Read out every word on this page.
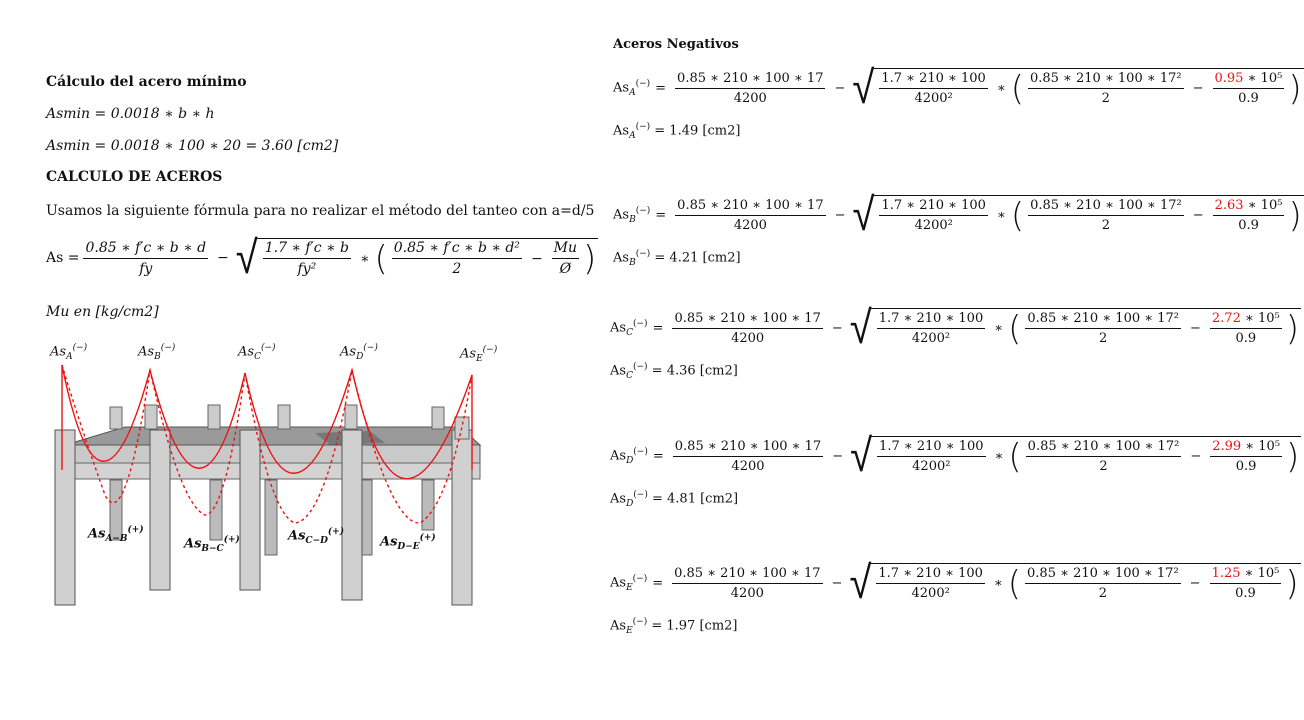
Cálculo del acero mínimo
Asmin = 0.0018 ∗ b ∗ h
Asmin = 0.0018 ∗ 100 ∗ 20 = 3.60 [cm2]
CALCULO DE ACEROS
Usamos la siguiente fórmula para no realizar el método del tanteo con a=d/5
$As = \frac{0.85 ∗ f'c ∗ b ∗ d}{fy}$ − √ $\frac{1.7 ∗ f'c ∗ b}{\text{fy²}}$ ∗ ( $\frac{\text{0.85 ∗ f′c ∗ b ∗ d²}}{2} - \frac{Mu}{Ø}$ )
Mu en [kg/cm2]
$As_A^{(-)}$	$As_B^{(-)}$	$As_C^{(-)}$	$As_D^{(-)}$	$As_E^{(-)}$
$As_{A-B}^{(+)}$
$As_{B-C}^{(+)}$	$As_{C-D}^{(+)}$
$As_{D-E}^{(+)}$
Aceros Negativos
$As_A^{(-)} = \frac{0.85 ∗ 210 ∗ 100 ∗ 17}{4200}$ − √ $\frac{1.7 ∗ 210 ∗ 100}{\text{4200²}}$ ∗ ( $\frac{\text{0.85 ∗ 210 ∗ 100 ∗ 17²}}{2} - \frac{\text{0.95 ∗ 10⁵}}{0.9}$ )
$As_A^{(-)} = 1.49$ [cm2]
$As_B^{(-)} = \frac{0.85 ∗ 210 ∗ 100 ∗ 17}{4200}$ − √ $\frac{1.7 ∗ 210 ∗ 100}{\text{4200²}}$ ∗ ( $\frac{\text{0.85 ∗ 210 ∗ 100 ∗ 17²}}{2} - \frac{\text{2.63 ∗ 10⁵}}{0.9}$ )
$As_B^{(-)} = 4.21$ [cm2]
$As_C^{(-)} = \frac{0.85 ∗ 210 ∗ 100 ∗ 17}{4200}$ − √ $\frac{1.7 ∗ 210 ∗ 100}{\text{4200²}}$ ∗ ( $\frac{\text{0.85 ∗ 210 ∗ 100 ∗ 17²}}{2} - \frac{\text{2.72 ∗ 10⁵}}{0.9}$ )
$As_C^{(-)} = 4.36$ [cm2]
$As_D^{(-)} = \frac{0.85 ∗ 210 ∗ 100 ∗ 17}{4200}$ − √ $\frac{1.7 ∗ 210 ∗ 100}{\text{4200²}}$ ∗ ( $\frac{\text{0.85 ∗ 210 ∗ 100 ∗ 17²}}{2} - \frac{\text{2.99 ∗ 10⁵}}{0.9}$ )
$As_D^{(-)} = 4.81$ [cm2]
$As_E^{(-)} = \frac{0.85 ∗ 210 ∗ 100 ∗ 17}{4200}$ − √ $\frac{1.7 ∗ 210 ∗ 100}{\text{4200²}}$ ∗ ( $\frac{\text{0.85 ∗ 210 ∗ 100 ∗ 17²}}{2} - \frac{\text{1.25 ∗ 10⁵}}{0.9}$ )
$As_E^{(-)} = 1.97$ [cm2]
